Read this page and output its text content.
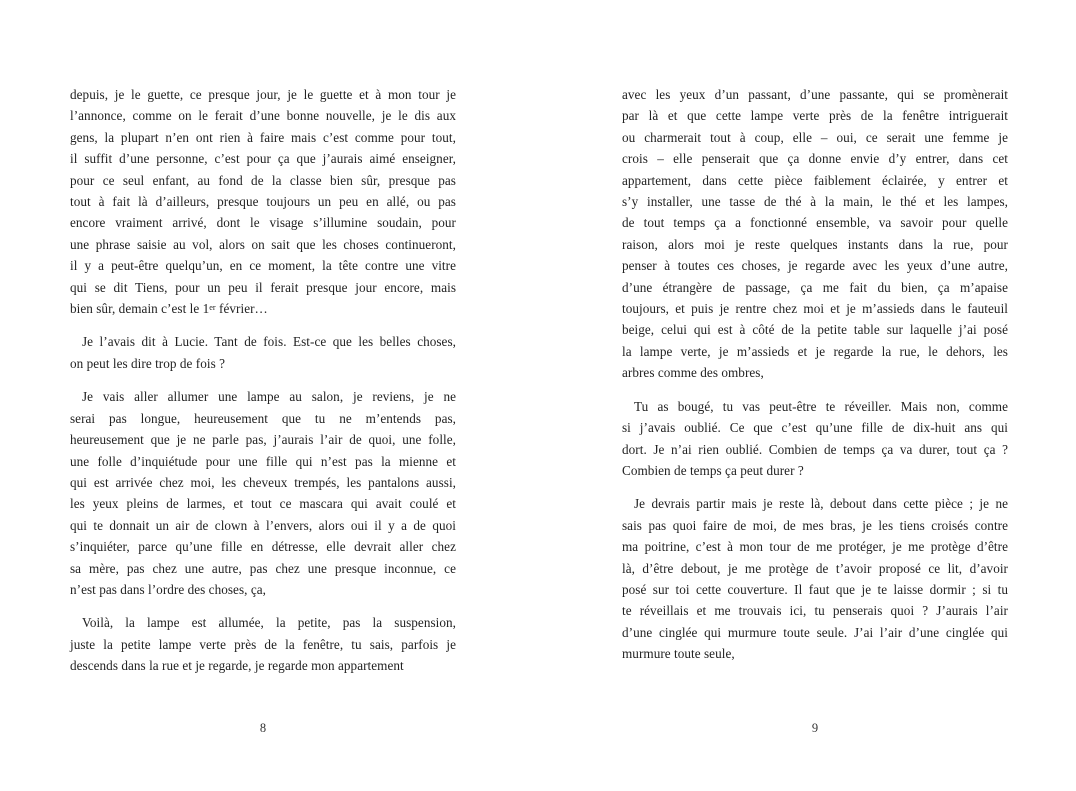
depuis, je le guette, ce presque jour, je le guette et à mon tour je
l’annonce, comme on le ferait d’une bonne nouvelle, je le dis aux
gens, la plupart n’en ont rien à faire mais c’est comme pour tout,
il suffit d’une personne, c’est pour ça que j’aurais aimé enseigner,
pour ce seul enfant, au fond de la classe bien sûr, presque pas
tout à fait là d’ailleurs, presque toujours un peu en allé, ou pas
encore vraiment arrivé, dont le visage s’illumine soudain, pour
une phrase saisie au vol, alors on sait que les choses continueront,
il y a peut-être quelqu’un, en ce moment, la tête contre une vitre
qui se dit Tiens, pour un peu il ferait presque jour encore, mais
bien sûr, demain c’est le 1er février…
Je l’avais dit à Lucie. Tant de fois. Est-ce que les belles choses,
on peut les dire trop de fois ?
Je vais aller allumer une lampe au salon, je reviens, je ne
serai pas longue, heureusement que tu ne m’entends pas,
heureusement que je ne parle pas, j’aurais l’air de quoi, une folle,
une folle d’inquiétude pour une fille qui n’est pas la mienne et
qui est arrivée chez moi, les cheveux trempés, les pantalons aussi,
les yeux pleins de larmes, et tout ce mascara qui avait coulé et
qui te donnait un air de clown à l’envers, alors oui il y a de quoi
s’inquiéter, parce qu’une fille en détresse, elle devrait aller chez
sa mère, pas chez une autre, pas chez une presque inconnue, ce
n’est pas dans l’ordre des choses, ça,
Voilà, la lampe est allumée, la petite, pas la suspension,
juste la petite lampe verte près de la fenêtre, tu sais, parfois je
descends dans la rue et je regarde, je regarde mon appartement
avec les yeux d’un passant, d’une passante, qui se promènerait
par là et que cette lampe verte près de la fenêtre intriguerait
ou charmerait tout à coup, elle – oui, ce serait une femme je
crois – elle penserait que ça donne envie d’y entrer, dans cet
appartement, dans cette pièce faiblement éclairée, y entrer et
s’y installer, une tasse de thé à la main, le thé et les lampes,
de tout temps ça a fonctionné ensemble, va savoir pour quelle
raison, alors moi je reste quelques instants dans la rue, pour
penser à toutes ces choses, je regarde avec les yeux d’une autre,
d’une étrangère de passage, ça me fait du bien, ça m’apaise
toujours, et puis je rentre chez moi et je m’assieds dans le fauteuil
beige, celui qui est à côté de la petite table sur laquelle j’ai posé
la lampe verte, je m’assieds et je regarde la rue, le dehors, les
arbres comme des ombres,
Tu as bougé, tu vas peut-être te réveiller. Mais non, comme
si j’avais oublié. Ce que c’est qu’une fille de dix-huit ans qui
dort. Je n’ai rien oublié. Combien de temps ça va durer, tout ça ?
Combien de temps ça peut durer ?
Je devrais partir mais je reste là, debout dans cette pièce ; je ne
sais pas quoi faire de moi, de mes bras, je les tiens croisés contre
ma poitrine, c’est à mon tour de me protéger, je me protège d’être
là, d’être debout, je me protège de t’avoir proposé ce lit, d’avoir
posé sur toi cette couverture. Il faut que je te laisse dormir ; si tu
te réveillais et me trouvais ici, tu penserais quoi ? J’aurais l’air
d’une cinglée qui murmure toute seule. J’ai l’air d’une cinglée qui
murmure toute seule,
8	9
